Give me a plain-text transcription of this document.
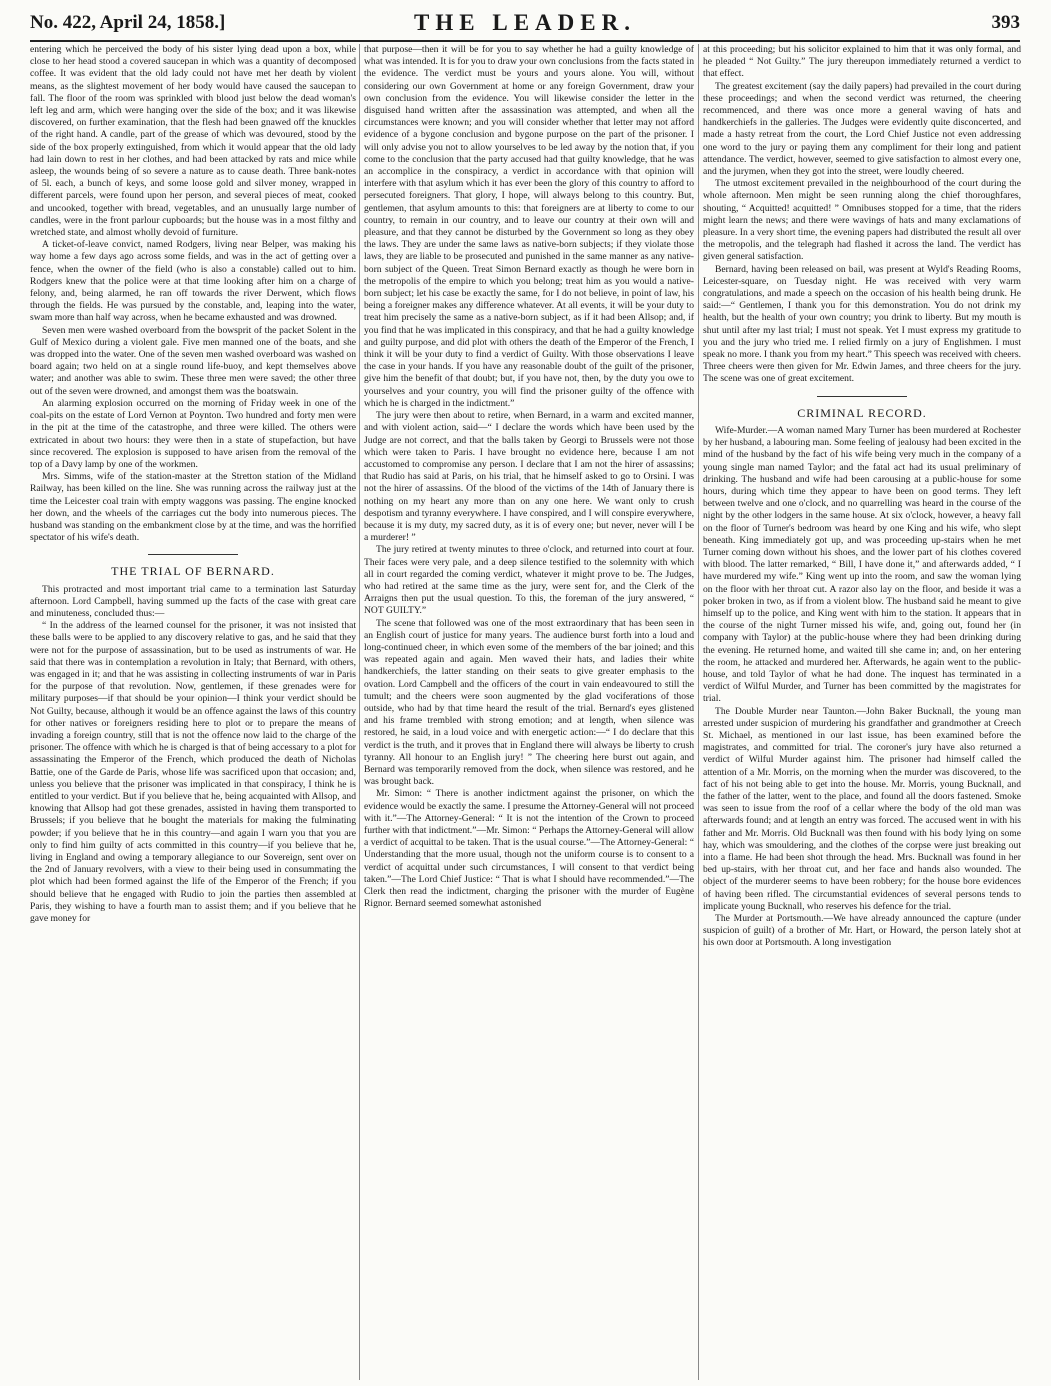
No. 422, April 24, 1858.]	THE LEADER.	393

entering which he perceived the body of his sister lying dead upon a box, while close to her head stood a covered saucepan in which was a quantity of decomposed coffee. It was evident that the old lady could not have met her death by violent means, as the slightest movement of her body would have caused the saucepan to fall. The floor of the room was sprinkled with blood just below the dead woman's left leg and arm, which were hanging over the side of the box; and it was likewise discovered, on further examination, that the flesh had been gnawed off the knuckles of the right hand. A candle, part of the grease of which was devoured, stood by the side of the box properly extinguished, from which it would appear that the old lady had lain down to rest in her clothes, and had been attacked by rats and mice while asleep, the wounds being of so severe a nature as to cause death. Three bank-notes of 5l. each, a bunch of keys, and some loose gold and silver money, wrapped in different parcels, were found upon her person, and several pieces of meat, cooked and uncooked, together with bread, vegetables, and an unusually large number of candles, were in the front parlour cupboards; but the house was in a most filthy and wretched state, and almost wholly devoid of furniture.

A ticket-of-leave convict, named Rodgers, living near Belper, was making his way home a few days ago across some fields, and was in the act of getting over a fence, when the owner of the field (who is also a constable) called out to him. Rodgers knew that the police were at that time looking after him on a charge of felony, and, being alarmed, he ran off towards the river Derwent, which flows through the fields. He was pursued by the constable, and, leaping into the water, swam more than half way across, when he became exhausted and was drowned.

Seven men were washed overboard from the bowsprit of the packet Solent in the Gulf of Mexico during a violent gale. Five men manned one of the boats, and she was dropped into the water. One of the seven men washed overboard was washed on board again; two held on at a single round life-buoy, and kept themselves above water; and another was able to swim. These three men were saved; the other three out of the seven were drowned, and amongst them was the boatswain.

An alarming explosion occurred on the morning of Friday week in one of the coal-pits on the estate of Lord Vernon at Poynton. Two hundred and forty men were in the pit at the time of the catastrophe, and three were killed. The others were extricated in about two hours: they were then in a state of stupefaction, but have since recovered. The explosion is supposed to have arisen from the removal of the top of a Davy lamp by one of the workmen.

Mrs. Simms, wife of the station-master at the Stretton station of the Midland Railway, has been killed on the line. She was running across the railway just at the time the Leicester coal train with empty waggons was passing. The engine knocked her down, and the wheels of the carriages cut the body into numerous pieces. The husband was standing on the embankment close by at the time, and was the horrified spectator of his wife's death.

THE TRIAL OF BERNARD.

This protracted and most important trial came to a termination last Saturday afternoon. Lord Campbell, having summed up the facts of the case with great care and minuteness, concluded thus:—

“ In the address of the learned counsel for the prisoner, it was not insisted that these balls were to be applied to any discovery relative to gas, and he said that they were not for the purpose of assassination, but to be used as instruments of war. He said that there was in contemplation a revolution in Italy; that Bernard, with others, was engaged in it; and that he was assisting in collecting instruments of war in Paris for the purpose of that revolution. Now, gentlemen, if these grenades were for military purposes—if that should be your opinion—I think your verdict should be Not Guilty, because, although it would be an offence against the laws of this country for other natives or foreigners residing here to plot or to prepare the means of invading a foreign country, still that is not the offence now laid to the charge of the prisoner. The offence with which he is charged is that of being accessary to a plot for assassinating the Emperor of the French, which produced the death of Nicholas Battie, one of the Garde de Paris, whose life was sacrificed upon that occasion; and, unless you believe that the prisoner was implicated in that conspiracy, I think he is entitled to your verdict. But if you believe that he, being acquainted with Allsop, and knowing that Allsop had got these grenades, assisted in having them transported to Brussels; if you believe that he bought the materials for making the fulminating powder; if you believe that he in this country—and again I warn you that you are only to find him guilty of acts committed in this country—if you believe that he, living in England and owing a temporary allegiance to our Sovereign, sent over on the 2nd of January revolvers, with a view to their being used in consummating the plot which had been formed against the life of the Emperor of the French; if you should believe that he engaged with Rudio to join the parties then assembled at Paris, they wishing to have a fourth man to assist them; and if you believe that he gave money for

that purpose—then it will be for you to say whether he had a guilty knowledge of what was intended. It is for you to draw your own conclusions from the facts stated in the evidence. The verdict must be yours and yours alone. You will, without considering our own Government at home or any foreign Government, draw your own conclusion from the evidence. You will likewise consider the letter in the disguised hand written after the assassination was attempted, and when all the circumstances were known; and you will consider whether that letter may not afford evidence of a bygone conclusion and bygone purpose on the part of the prisoner. I will only advise you not to allow yourselves to be led away by the notion that, if you come to the conclusion that the party accused had that guilty knowledge, that he was an accomplice in the conspiracy, a verdict in accordance with that opinion will interfere with that asylum which it has ever been the glory of this country to afford to persecuted foreigners. That glory, I hope, will always belong to this country. But, gentlemen, that asylum amounts to this: that foreigners are at liberty to come to our country, to remain in our country, and to leave our country at their own will and pleasure, and that they cannot be disturbed by the Government so long as they obey the laws. They are under the same laws as native-born subjects; if they violate those laws, they are liable to be prosecuted and punished in the same manner as any native-born subject of the Queen. Treat Simon Bernard exactly as though he were born in the metropolis of the empire to which you belong; treat him as you would a native-born subject; let his case be exactly the same, for I do not believe, in point of law, his being a foreigner makes any difference whatever. At all events, it will be your duty to treat him precisely the same as a native-born subject, as if it had been Allsop; and, if you find that he was implicated in this conspiracy, and that he had a guilty knowledge and guilty purpose, and did plot with others the death of the Emperor of the French, I think it will be your duty to find a verdict of Guilty. With those observations I leave the case in your hands. If you have any reasonable doubt of the guilt of the prisoner, give him the benefit of that doubt; but, if you have not, then, by the duty you owe to yourselves and your country, you will find the prisoner guilty of the offence with which he is charged in the indictment.”

The jury were then about to retire, when Bernard, in a warm and excited manner, and with violent action, said—“ I declare the words which have been used by the Judge are not correct, and that the balls taken by Georgi to Brussels were not those which were taken to Paris. I have brought no evidence here, because I am not accustomed to compromise any person. I declare that I am not the hirer of assassins; that Rudio has said at Paris, on his trial, that he himself asked to go to Orsini. I was not the hirer of assassins. Of the blood of the victims of the 14th of January there is nothing on my heart any more than on any one here. We want only to crush despotism and tyranny everywhere. I have conspired, and I will conspire everywhere, because it is my duty, my sacred duty, as it is of every one; but never, never will I be a murderer! ”

The jury retired at twenty minutes to three o'clock, and returned into court at four. Their faces were very pale, and a deep silence testified to the solemnity with which all in court regarded the coming verdict, whatever it might prove to be. The Judges, who had retired at the same time as the jury, were sent for, and the Clerk of the Arraigns then put the usual question. To this, the foreman of the jury answered, “ NOT GUILTY.”

The scene that followed was one of the most extraordinary that has been seen in an English court of justice for many years. The audience burst forth into a loud and long-continued cheer, in which even some of the members of the bar joined; and this was repeated again and again. Men waved their hats, and ladies their white handkerchiefs, the latter standing on their seats to give greater emphasis to the ovation. Lord Campbell and the officers of the court in vain endeavoured to still the tumult; and the cheers were soon augmented by the glad vociferations of those outside, who had by that time heard the result of the trial. Bernard's eyes glistened and his frame trembled with strong emotion; and at length, when silence was restored, he said, in a loud voice and with energetic action:—“ I do declare that this verdict is the truth, and it proves that in England there will always be liberty to crush tyranny. All honour to an English jury! ” The cheering here burst out again, and Bernard was temporarily removed from the dock, when silence was restored, and he was brought back.

Mr. Simon: “ There is another indictment against the prisoner, on which the evidence would be exactly the same. I presume the Attorney-General will not proceed with it.”—The Attorney-General: “ It is not the intention of the Crown to proceed further with that indictment.”—Mr. Simon: “ Perhaps the Attorney-General will allow a verdict of acquittal to be taken. That is the usual course.”—The Attorney-General: “ Understanding that the more usual, though not the uniform course is to consent to a verdict of acquittal under such circumstances, I will consent to that verdict being taken.”—The Lord Chief Justice: “ That is what I should have recommended.”—The Clerk then read the indictment, charging the prisoner with the murder of Eugène Rignor. Bernard seemed somewhat astonished

at this proceeding; but his solicitor explained to him that it was only formal, and he pleaded “ Not Guilty.” The jury thereupon immediately returned a verdict to that effect.

The greatest excitement (say the daily papers) had prevailed in the court during these proceedings; and when the second verdict was returned, the cheering recommenced, and there was once more a general waving of hats and handkerchiefs in the galleries. The Judges were evidently quite disconcerted, and made a hasty retreat from the court, the Lord Chief Justice not even addressing one word to the jury or paying them any compliment for their long and patient attendance. The verdict, however, seemed to give satisfaction to almost every one, and the jurymen, when they got into the street, were loudly cheered.

The utmost excitement prevailed in the neighbourhood of the court during the whole afternoon. Men might be seen running along the chief thoroughfares, shouting, “ Acquitted! acquitted! ” Omnibuses stopped for a time, that the riders might learn the news; and there were wavings of hats and many exclamations of pleasure. In a very short time, the evening papers had distributed the result all over the metropolis, and the telegraph had flashed it across the land. The verdict has given general satisfaction.

Bernard, having been released on bail, was present at Wyld's Reading Rooms, Leicester-square, on Tuesday night. He was received with very warm congratulations, and made a speech on the occasion of his health being drunk. He said:—“ Gentlemen, I thank you for this demonstration. You do not drink my health, but the health of your own country; you drink to liberty. But my mouth is shut until after my last trial; I must not speak. Yet I must express my gratitude to you and the jury who tried me. I relied firmly on a jury of Englishmen. I must speak no more. I thank you from my heart.” This speech was received with cheers. Three cheers were then given for Mr. Edwin James, and three cheers for the jury. The scene was one of great excitement.

CRIMINAL RECORD.

Wife-Murder.—A woman named Mary Turner has been murdered at Rochester by her husband, a labouring man. Some feeling of jealousy had been excited in the mind of the husband by the fact of his wife being very much in the company of a young single man named Taylor; and the fatal act had its usual preliminary of drinking. The husband and wife had been carousing at a public-house for some hours, during which time they appear to have been on good terms. They left between twelve and one o'clock, and no quarrelling was heard in the course of the night by the other lodgers in the same house. At six o'clock, however, a heavy fall on the floor of Turner's bedroom was heard by one King and his wife, who slept beneath. King immediately got up, and was proceeding up-stairs when he met Turner coming down without his shoes, and the lower part of his clothes covered with blood. The latter remarked, “ Bill, I have done it,” and afterwards added, “ I have murdered my wife.” King went up into the room, and saw the woman lying on the floor with her throat cut. A razor also lay on the floor, and beside it was a poker broken in two, as if from a violent blow. The husband said he meant to give himself up to the police, and King went with him to the station. It appears that in the course of the night Turner missed his wife, and, going out, found her (in company with Taylor) at the public-house where they had been drinking during the evening. He returned home, and waited till she came in; and, on her entering the room, he attacked and murdered her. Afterwards, he again went to the public-house, and told Taylor of what he had done. The inquest has terminated in a verdict of Wilful Murder, and Turner has been committed by the magistrates for trial.

The Double Murder near Taunton.—John Baker Bucknall, the young man arrested under suspicion of murdering his grandfather and grandmother at Creech St. Michael, as mentioned in our last issue, has been examined before the magistrates, and committed for trial. The coroner's jury have also returned a verdict of Wilful Murder against him. The prisoner had himself called the attention of a Mr. Morris, on the morning when the murder was discovered, to the fact of his not being able to get into the house. Mr. Morris, young Bucknall, and the father of the latter, went to the place, and found all the doors fastened. Smoke was seen to issue from the roof of a cellar where the body of the old man was afterwards found; and at length an entry was forced. The accused went in with his father and Mr. Morris. Old Bucknall was then found with his body lying on some hay, which was smouldering, and the clothes of the corpse were just breaking out into a flame. He had been shot through the head. Mrs. Bucknall was found in her bed up-stairs, with her throat cut, and her face and hands also wounded. The object of the murderer seems to have been robbery; for the house bore evidences of having been rifled. The circumstantial evidences of several persons tends to implicate young Bucknall, who reserves his defence for the trial.

The Murder at Portsmouth.—We have already announced the capture (under suspicion of guilt) of a brother of Mr. Hart, or Howard, the person lately shot at his own door at Portsmouth. A long investigation
